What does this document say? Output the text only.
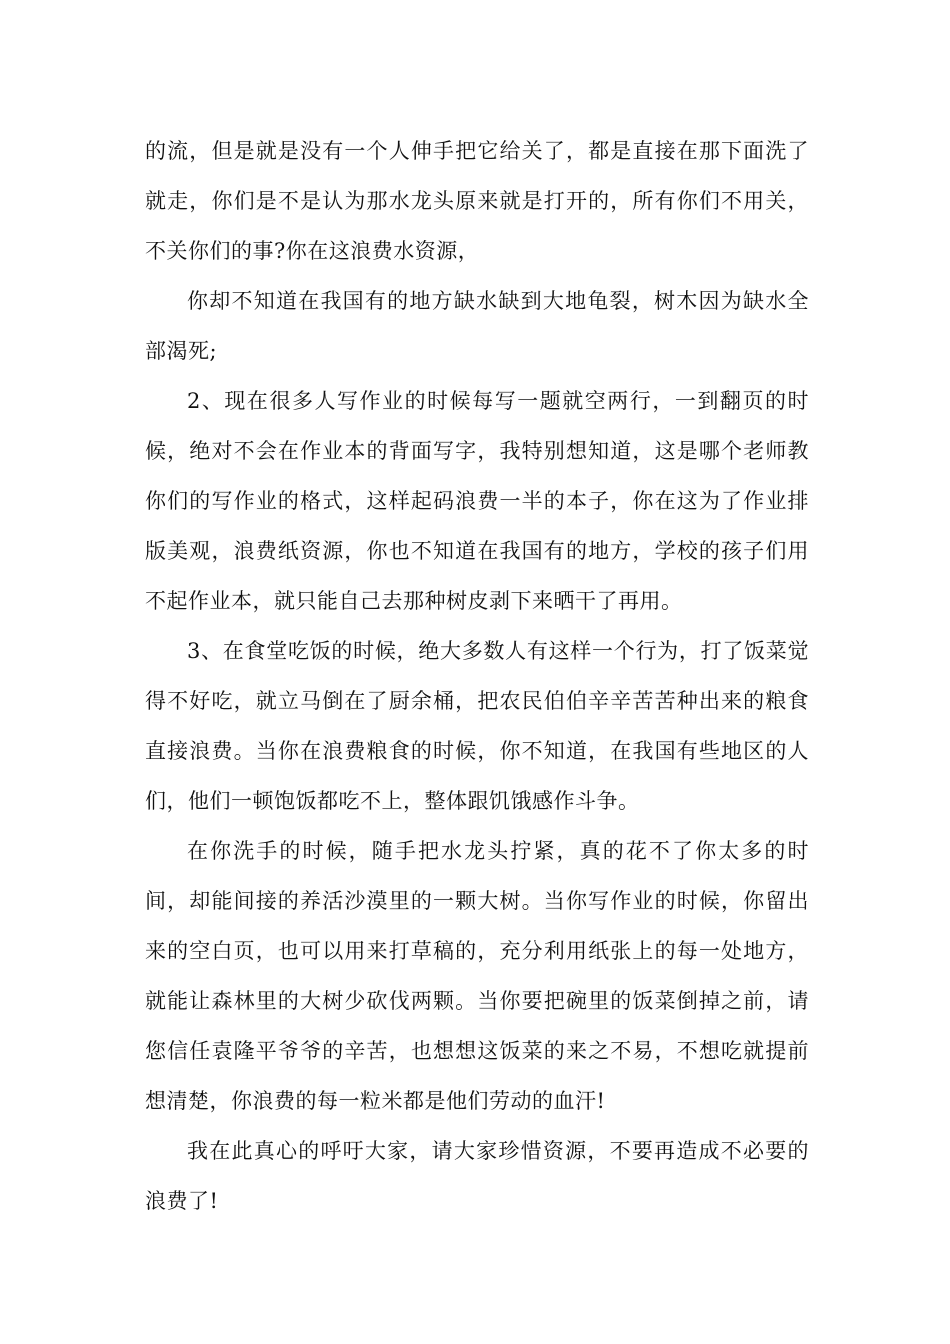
的流，但是就是没有一个人伸手把它给关了，都是直接在那下面洗了就走，你们是不是认为那水龙头原来就是打开的，所有你们不用关，不关你们的事?你在这浪费水资源，

你却不知道在我国有的地方缺水缺到大地龟裂，树木因为缺水全部渴死;

2、现在很多人写作业的时候每写一题就空两行，一到翻页的时候，绝对不会在作业本的背面写字，我特别想知道，这是哪个老师教你们的写作业的格式，这样起码浪费一半的本子，你在这为了作业排版美观，浪费纸资源，你也不知道在我国有的地方，学校的孩子们用不起作业本，就只能自己去那种树皮剥下来晒干了再用。

3、在食堂吃饭的时候，绝大多数人有这样一个行为，打了饭菜觉得不好吃，就立马倒在了厨余桶，把农民伯伯辛辛苦苦种出来的粮食直接浪费。当你在浪费粮食的时候，你不知道，在我国有些地区的人们，他们一顿饱饭都吃不上，整体跟饥饿感作斗争。

在你洗手的时候，随手把水龙头拧紧，真的花不了你太多的时间，却能间接的养活沙漠里的一颗大树。当你写作业的时候，你留出来的空白页，也可以用来打草稿的，充分利用纸张上的每一处地方，就能让森林里的大树少砍伐两颗。当你要把碗里的饭菜倒掉之前，请您信任袁隆平爷爷的辛苦，也想想这饭菜的来之不易，不想吃就提前想清楚，你浪费的每一粒米都是他们劳动的血汗!

我在此真心的呼吁大家，请大家珍惜资源，不要再造成不必要的浪费了!
